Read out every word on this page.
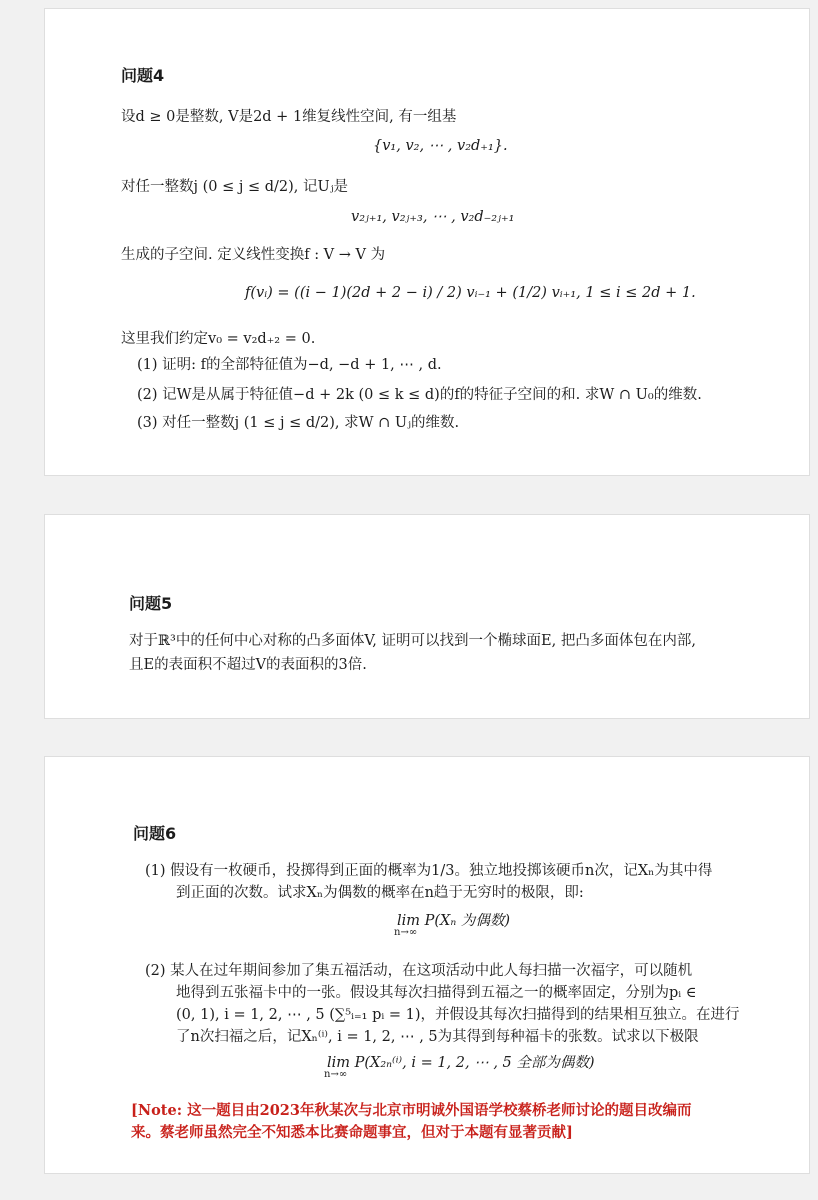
问题4
设d ≥ 0是整数, V是2d + 1维复线性空间, 有一组基
{v₁, v₂, ⋯ , v₂d₊₁}.
对任一整数j (0 ≤ j ≤ d/2), 记Uⱼ是
v₂ⱼ₊₁, v₂ⱼ₊₃, ⋯ , v₂d₋₂ⱼ₊₁
生成的子空间. 定义线性变换f : V → V 为
f(vᵢ) = ((i − 1)(2d + 2 − i) / 2) vᵢ₋₁ + (1/2) vᵢ₊₁, 1 ≤ i ≤ 2d + 1.
这里我们约定v₀ = v₂d₊₂ = 0.
(1) 证明: f的全部特征值为−d, −d + 1, ⋯ , d.
(2) 记W是从属于特征值−d + 2k (0 ≤ k ≤ d)的f的特征子空间的和. 求W ∩ U₀的维数.
(3) 对任一整数j (1 ≤ j ≤ d/2), 求W ∩ Uⱼ的维数.
问题5
对于ℝ³中的任何中心对称的凸多面体V, 证明可以找到一个椭球面E, 把凸多面体包在内部,
且E的表面积不超过V的表面积的3倍.
问题6
(1) 假设有一枚硬币，投掷得到正面的概率为1/3。独立地投掷该硬币n次，记Xₙ为其中得
到正面的次数。试求Xₙ为偶数的概率在n趋于无穷时的极限，即:
lim P(Xₙ 为偶数)
n→∞
(2) 某人在过年期间参加了集五福活动，在这项活动中此人每扫描一次福字，可以随机
地得到五张福卡中的一张。假设其每次扫描得到五福之一的概率固定，分别为pᵢ ∈
(0, 1), i = 1, 2, ⋯ , 5 (∑⁵ᵢ₌₁ pᵢ = 1)，并假设其每次扫描得到的结果相互独立。在进行
了n次扫福之后，记Xₙ⁽ⁱ⁾, i = 1, 2, ⋯ , 5为其得到每种福卡的张数。试求以下极限
lim P(X₂ₙ⁽ⁱ⁾, i = 1, 2, ⋯ , 5 全部为偶数)
n→∞
[Note: 这一题目由2023年秋某次与北京市明诚外国语学校蔡桥老师讨论的题目改编而
来。蔡老师虽然完全不知悉本比赛命题事宜，但对于本题有显著贡献]
